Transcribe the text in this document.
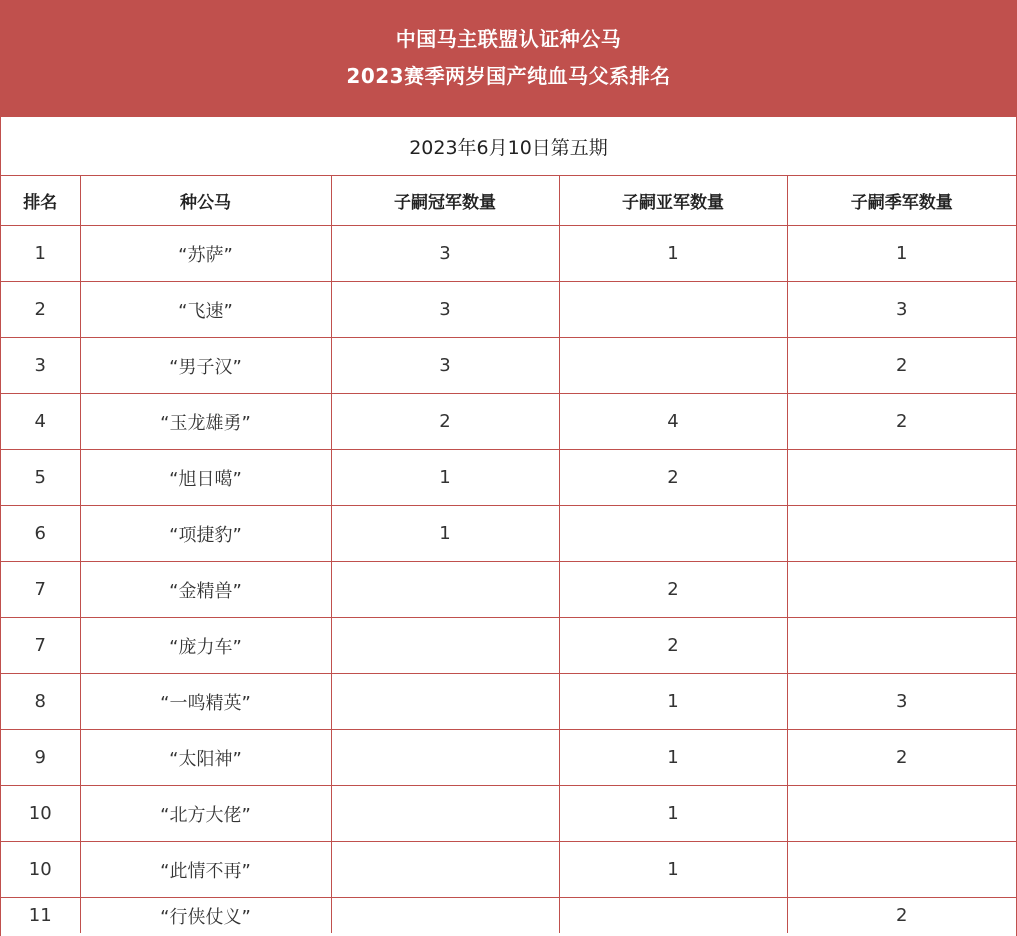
中国马主联盟认证种公马
2023赛季两岁国产纯血马父系排名
2023年6月10日第五期
排名	种公马	子嗣冠军数量	子嗣亚军数量	子嗣季军数量
1	“苏萨”	3	1	1
2	“飞速”	3		3
3	“男子汉”	3		2
4	“玉龙雄勇”	2	4	2
5	“旭日噶”	1	2	
6	“项捷豹”	1		
7	“金精兽”		2	
7	“庞力车”		2	
8	“一鸣精英”		1	3
9	“太阳神”		1	2
10	“北方大佬”		1	
10	“此情不再”		1	
11	“行侠仗义”			2
